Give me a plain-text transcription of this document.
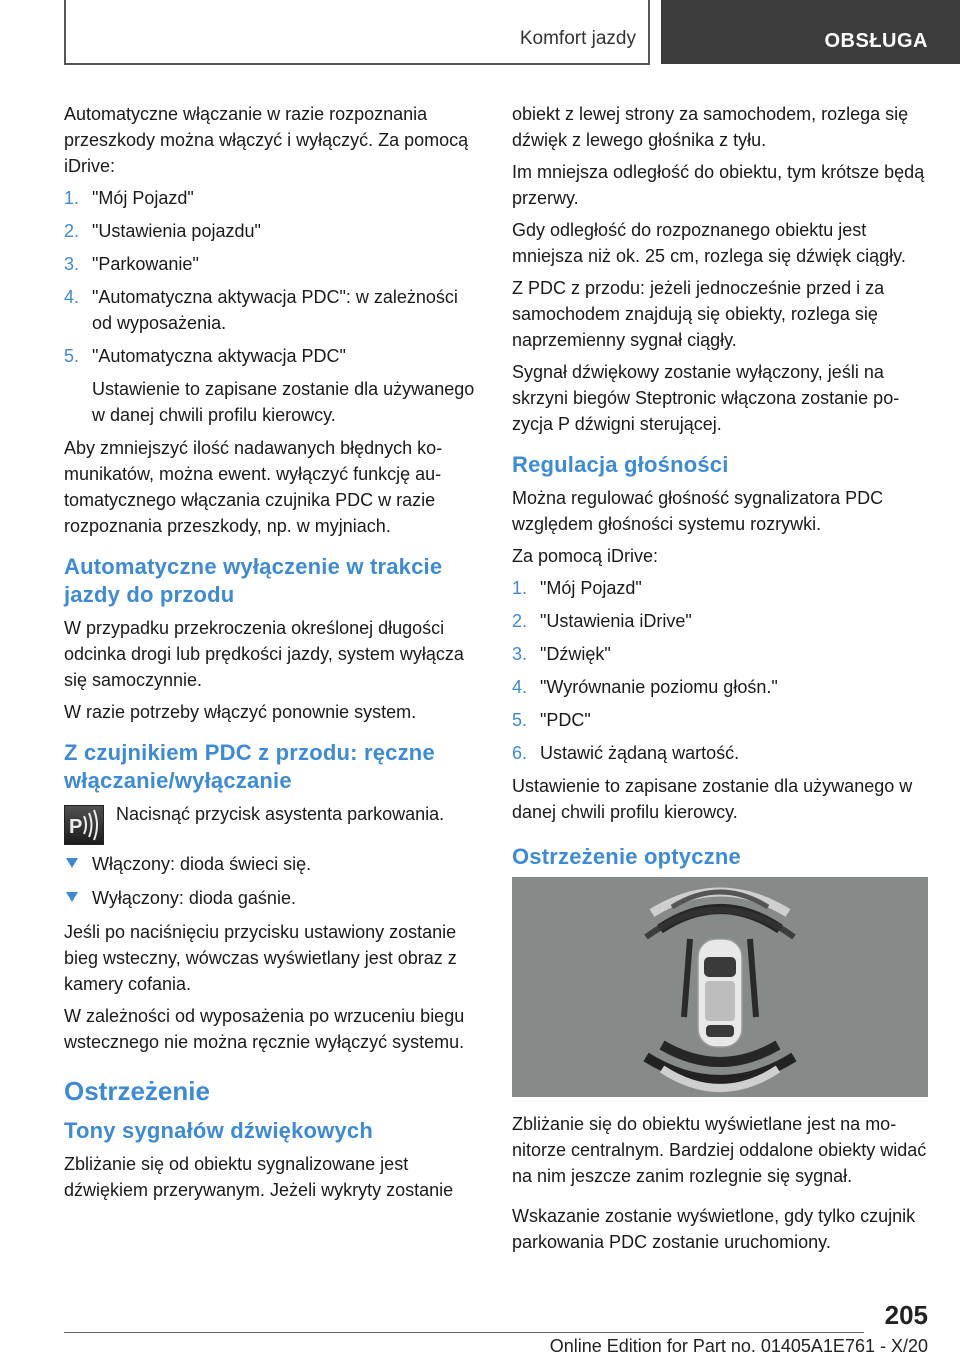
Komfort jazdy	OBSŁUGA

Automatyczne włączanie w razie rozpoznania przeszkody można włączyć i wyłączyć. Za pomocą iDrive:

1. "Mój Pojazd"
2. "Ustawienia pojazdu"
3. "Parkowanie"
4. "Automatyczna aktywacja PDC": w zależności od wyposażenia.
5. "Automatyczna aktywacja PDC"
Ustawienie to zapisane zostanie dla używanego w danej chwili profilu kierowcy.

Aby zmniejszyć ilość nadawanych błędnych komunikatów, można ewent. wyłączyć funkcję automatycznego włączania czujnika PDC w razie rozpoznania przeszkody, np. w myjniach.

Automatyczne wyłączenie w trakcie jazdy do przodu

W przypadku przekroczenia określonej długości odcinka drogi lub prędkości jazdy, system wyłącza się samoczynnie.

W razie potrzeby włączyć ponownie system.

Z czujnikiem PDC z przodu: ręczne włączanie/wyłączanie
P
Nacisnąć przycisk asystenta parkowania.
Włączony: dioda świeci się.
Wyłączony: dioda gaśnie.

Jeśli po naciśnięciu przycisku ustawiony zostanie bieg wsteczny, wówczas wyświetlany jest obraz z kamery cofania.

W zależności od wyposażenia po wrzuceniu biegu wstecznego nie można ręcznie wyłączyć systemu.

Ostrzeżenie
Tony sygnałów dźwiękowych

Zbliżanie się od obiektu sygnalizowane jest dźwiękiem przerywanym. Jeżeli wykryty zostanie

obiekt z lewej strony za samochodem, rozlega się dźwięk z lewego głośnika z tyłu.

Im mniejsza odległość do obiektu, tym krótsze będą przerwy.

Gdy odległość do rozpoznanego obiektu jest mniejsza niż ok. 25 cm, rozlega się dźwięk ciągły.

Z PDC z przodu: jeżeli jednocześnie przed i za samochodem znajdują się obiekty, rozlega się naprzemienny sygnał ciągły.

Sygnał dźwiękowy zostanie wyłączony, jeśli na skrzyni biegów Steptronic włączona zostanie pozycja P dźwigni sterującej.

Regulacja głośności

Można regulować głośność sygnalizatora PDC względem głośności systemu rozrywki.

Za pomocą iDrive:

1. "Mój Pojazd"
2. "Ustawienia iDrive"
3. "Dźwięk"
4. "Wyrównanie poziomu głośn."
5. "PDC"
6. Ustawić żądaną wartość.

Ustawienie to zapisane zostanie dla używanego w danej chwili profilu kierowcy.

Ostrzeżenie optyczne

Zbliżanie się do obiektu wyświetlane jest na monitorze centralnym. Bardziej oddalone obiekty widać na nim jeszcze zanim rozlegnie się sygnał.

Wskazanie zostanie wyświetlone, gdy tylko czujnik parkowania PDC zostanie uruchomiony.

205
Online Edition for Part no. 01405A1E761 - X/20
